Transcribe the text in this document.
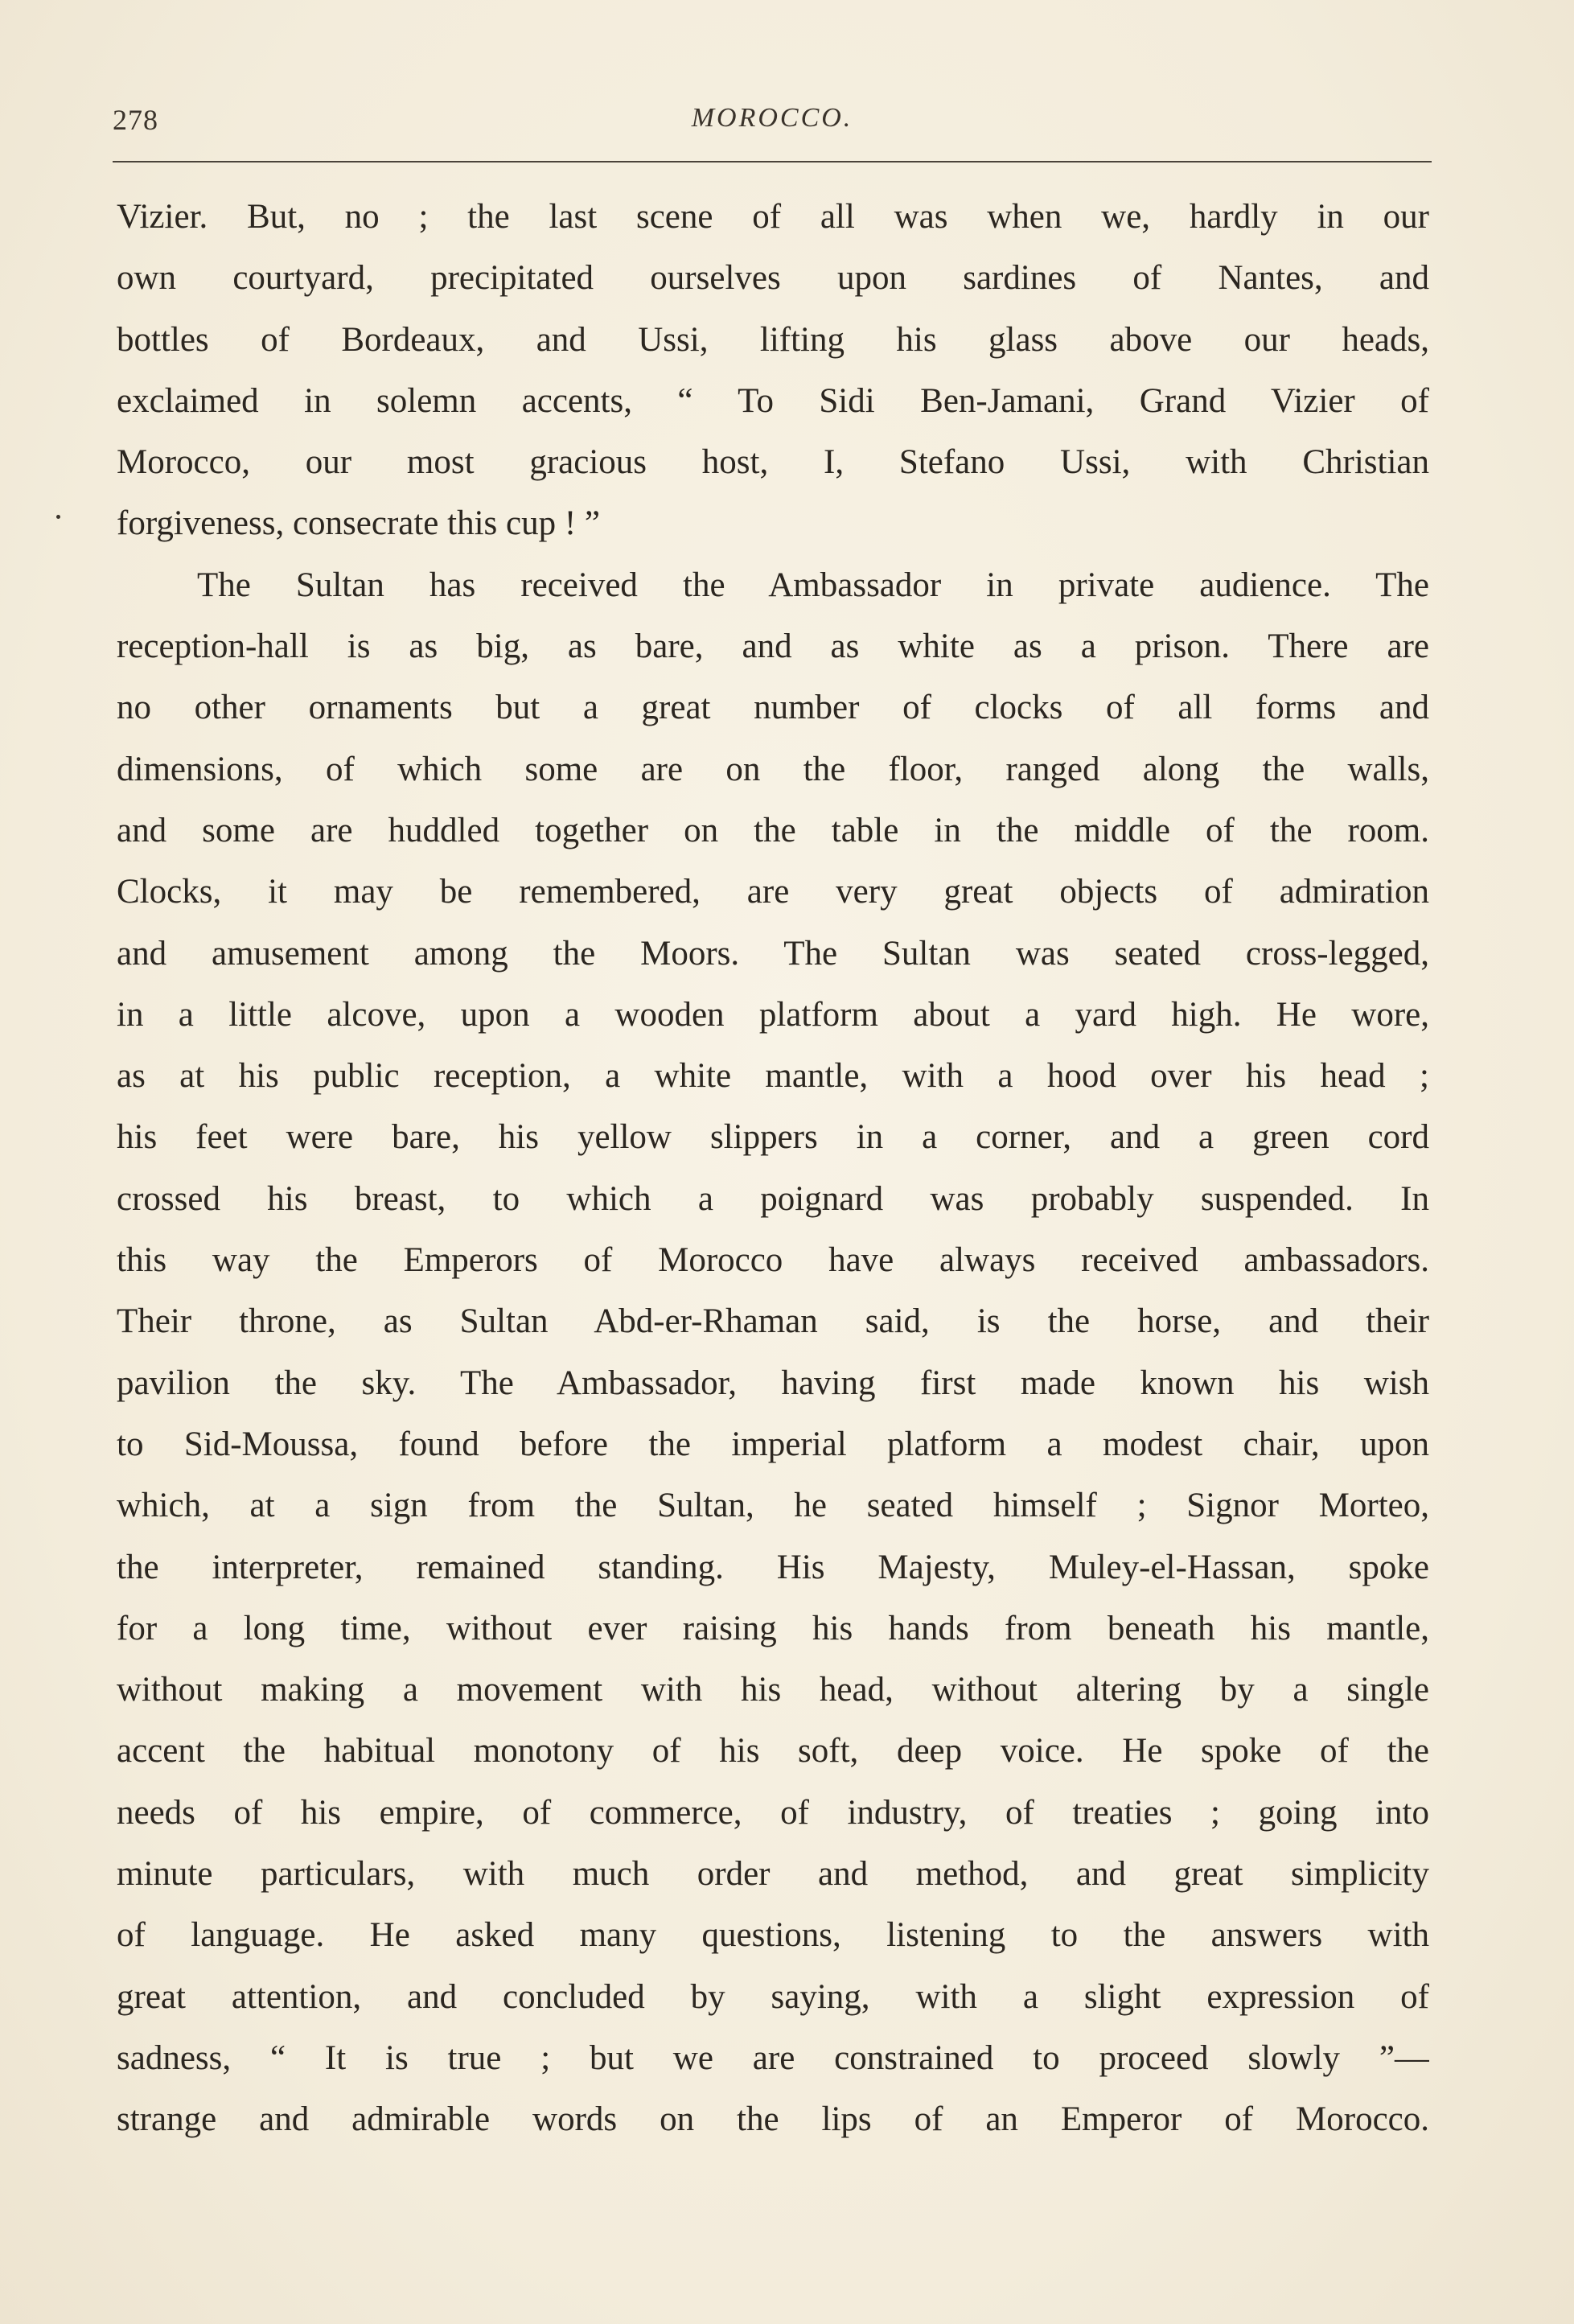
278	MOROCCO.
Vizier. But, no ; the last scene of all was when we, hardly in our
own courtyard, precipitated ourselves upon sardines of Nantes, and
bottles of Bordeaux, and Ussi, lifting his glass above our heads,
exclaimed in solemn accents, “ To Sidi Ben-Jamani, Grand Vizier of
Morocco, our most gracious host, I, Stefano Ussi, with Christian
forgiveness, consecrate this cup ! ”
The Sultan has received the Ambassador in private audience. The
reception-hall is as big, as bare, and as white as a prison. There are
no other ornaments but a great number of clocks of all forms and
dimensions, of which some are on the floor, ranged along the walls,
and some are huddled together on the table in the middle of the room.
Clocks, it may be remembered, are very great objects of admiration
and amusement among the Moors. The Sultan was seated cross-legged,
in a little alcove, upon a wooden platform about a yard high. He wore,
as at his public reception, a white mantle, with a hood over his head ;
his feet were bare, his yellow slippers in a corner, and a green cord
crossed his breast, to which a poignard was probably suspended. In
this way the Emperors of Morocco have always received ambassadors.
Their throne, as Sultan Abd-er-Rhaman said, is the horse, and their
pavilion the sky. The Ambassador, having first made known his wish
to Sid-Moussa, found before the imperial platform a modest chair, upon
which, at a sign from the Sultan, he seated himself ; Signor Morteo,
the interpreter, remained standing. His Majesty, Muley-el-Hassan, spoke
for a long time, without ever raising his hands from beneath his mantle,
without making a movement with his head, without altering by a single
accent the habitual monotony of his soft, deep voice. He spoke of the
needs of his empire, of commerce, of industry, of treaties ; going into
minute particulars, with much order and method, and great simplicity
of language. He asked many questions, listening to the answers with
great attention, and concluded by saying, with a slight expression of
sadness, “ It is true ; but we are constrained to proceed slowly ”—
strange and admirable words on the lips of an Emperor of Morocco.
